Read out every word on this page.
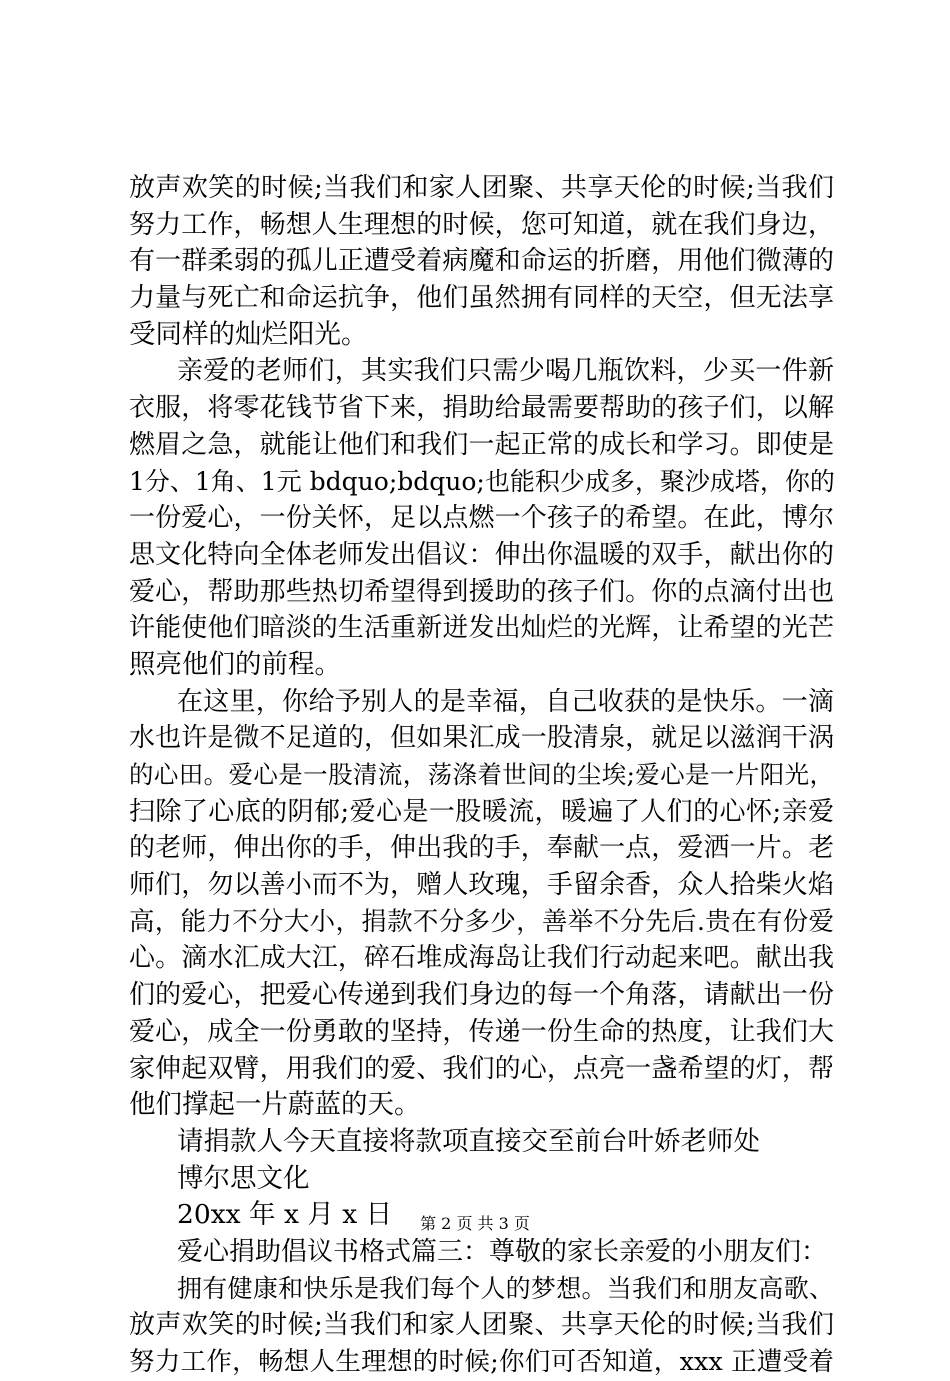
放声欢笑的时候;当我们和家人团聚、共享天伦的时候;当我们
努力工作，畅想人生理想的时候，您可知道，就在我们身边，
有一群柔弱的孤儿正遭受着病魔和命运的折磨，用他们微薄的
力量与死亡和命运抗争，他们虽然拥有同样的天空，但无法享
受同样的灿烂阳光。
亲爱的老师们，其实我们只需少喝几瓶饮料，少买一件新
衣服，将零花钱节省下来，捐助给最需要帮助的孩子们，以解
燃眉之急，就能让他们和我们一起正常的成长和学习。即使是
1分、1角、1元 bdquo;bdquo;也能积少成多，聚沙成塔，你的
一份爱心，一份关怀，足以点燃一个孩子的希望。在此，博尔
思文化特向全体老师发出倡议：伸出你温暖的双手，献出你的
爱心，帮助那些热切希望得到援助的孩子们。你的点滴付出也
许能使他们暗淡的生活重新迸发出灿烂的光辉，让希望的光芒
照亮他们的前程。
在这里，你给予别人的是幸福，自己收获的是快乐。一滴
水也许是微不足道的，但如果汇成一股清泉，就足以滋润干涡
的心田。爱心是一股清流，荡涤着世间的尘埃;爱心是一片阳光，
扫除了心底的阴郁;爱心是一股暖流，暖遍了人们的心怀;亲爱
的老师，伸出你的手，伸出我的手，奉献一点，爱洒一片。老
师们，勿以善小而不为，赠人玫瑰，手留余香，众人拾柴火焰
高，能力不分大小，捐款不分多少，善举不分先后.贵在有份爱
心。滴水汇成大江，碎石堆成海岛让我们行动起来吧。献出我
们的爱心，把爱心传递到我们身边的每一个角落，请献出一份
爱心，成全一份勇敢的坚持，传递一份生命的热度，让我们大
家伸起双臂，用我们的爱、我们的心，点亮一盏希望的灯，帮
他们撑起一片蔚蓝的天。
请捐款人今天直接将款项直接交至前台叶娇老师处
博尔思文化
20xx 年 x 月 x 日
爱心捐助倡议书格式篇三：尊敬的家长亲爱的小朋友们：
拥有健康和快乐是我们每个人的梦想。当我们和朋友高歌、
放声欢笑的时候;当我们和家人团聚、共享天伦的时候;当我们
努力工作，畅想人生理想的时候;你们可否知道，xxx 正遭受着
第 2 页 共 3 页
